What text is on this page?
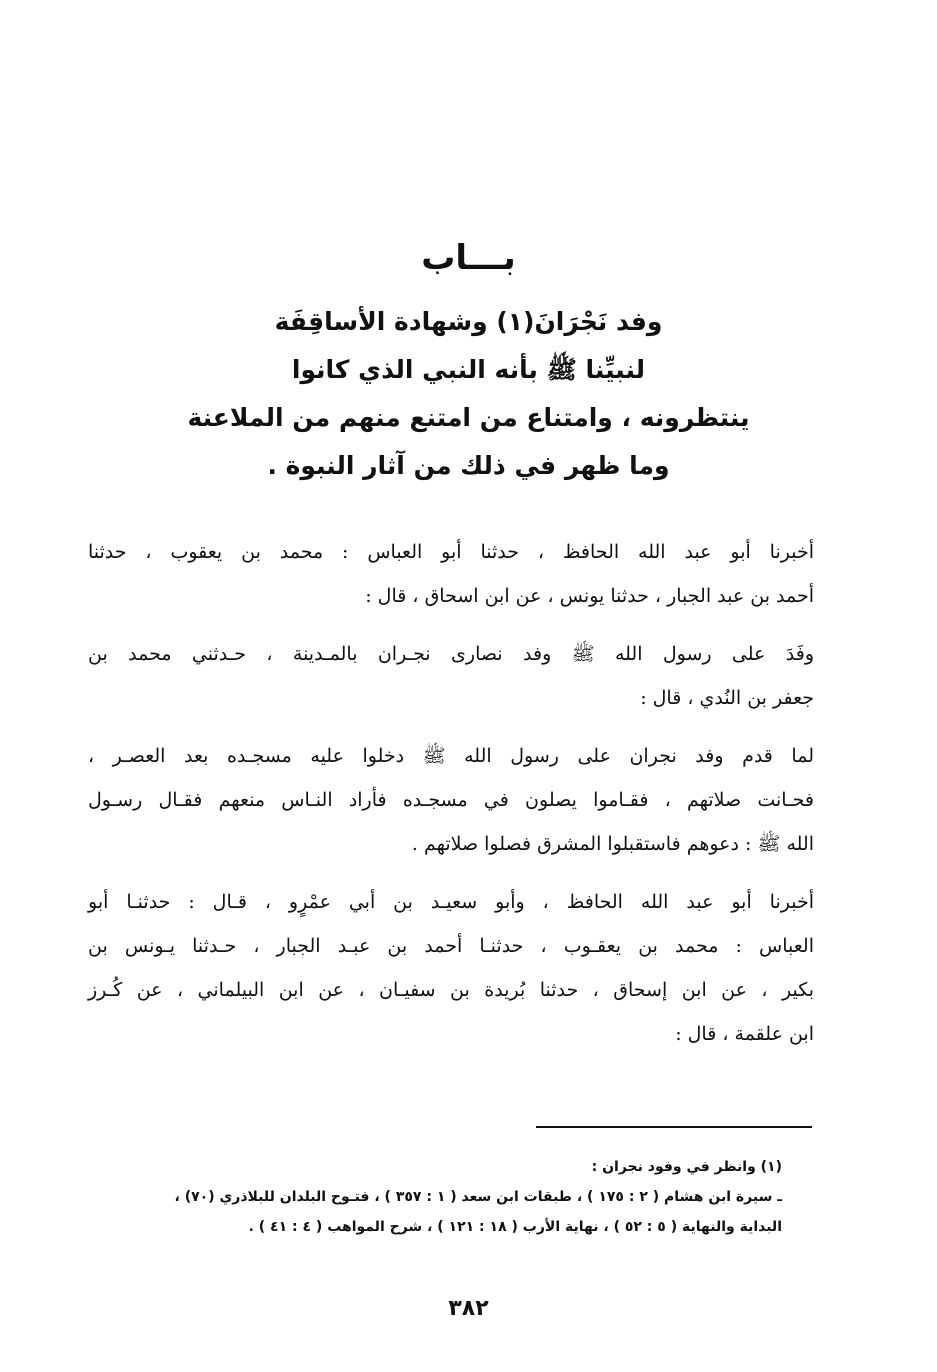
بـــاب
وفد نَجْرَانَ(١) وشهادة الأساقِفَة
لنبيِّنا ﷺ بأنه النبي الذي كانوا
ينتظرونه ، وامتناع من امتنع منهم من الملاعنة
وما ظهر في ذلك من آثار النبوة .
أخبرنا أبو عبد الله الحافظ ، حدثنا أبو العباس : محمد بن يعقوب ، حدثنا
أحمد بن عبد الجبار ، حدثنا يونس ، عن ابن اسحاق ، قال :
وفَدَ على رسول الله ﷺ وفد نصارى نجـران بالمـدينة ، حـدثني محمد بن
جعفر بن النُدي ، قال :
لما قدم وفد نجران على رسول الله ﷺ دخلوا عليه مسجـده بعد العصـر ،
فحـانت صلاتهم ، فقـاموا يصلون في مسجـده فأراد النـاس منعهم فقـال رسـول
الله ﷺ : دعوهم فاستقبلوا المشرق فصلوا صلاتهم .
أخبرنا أبو عبد الله الحافظ ، وأبو سعيـد بن أبي عمْرٍو ، قـال : حدثنـا أبو
العباس : محمد بن يعقـوب ، حدثنـا أحمد بن عبـد الجبار ، حـدثنا يـونس بن
بكير ، عن ابن إسحاق ، حدثنا بُريدة بن سفيـان ، عن ابن البيلماني ، عن كُـرز
ابن علقمة ، قال :
(١) وانظر في وفود نجران :
ـ سيرة ابن هشام ( ٢ : ١٧٥ ) ، طبقات ابن سعد ( ١ : ٣٥٧ ) ، فتـوح البلدان للبلاذري (٧٠) ،
البداية والنهاية ( ٥ : ٥٢ ) ، نهاية الأرب ( ١٨ : ١٢١ ) ، شرح المواهب ( ٤ : ٤١ ) .
٣٨٢
